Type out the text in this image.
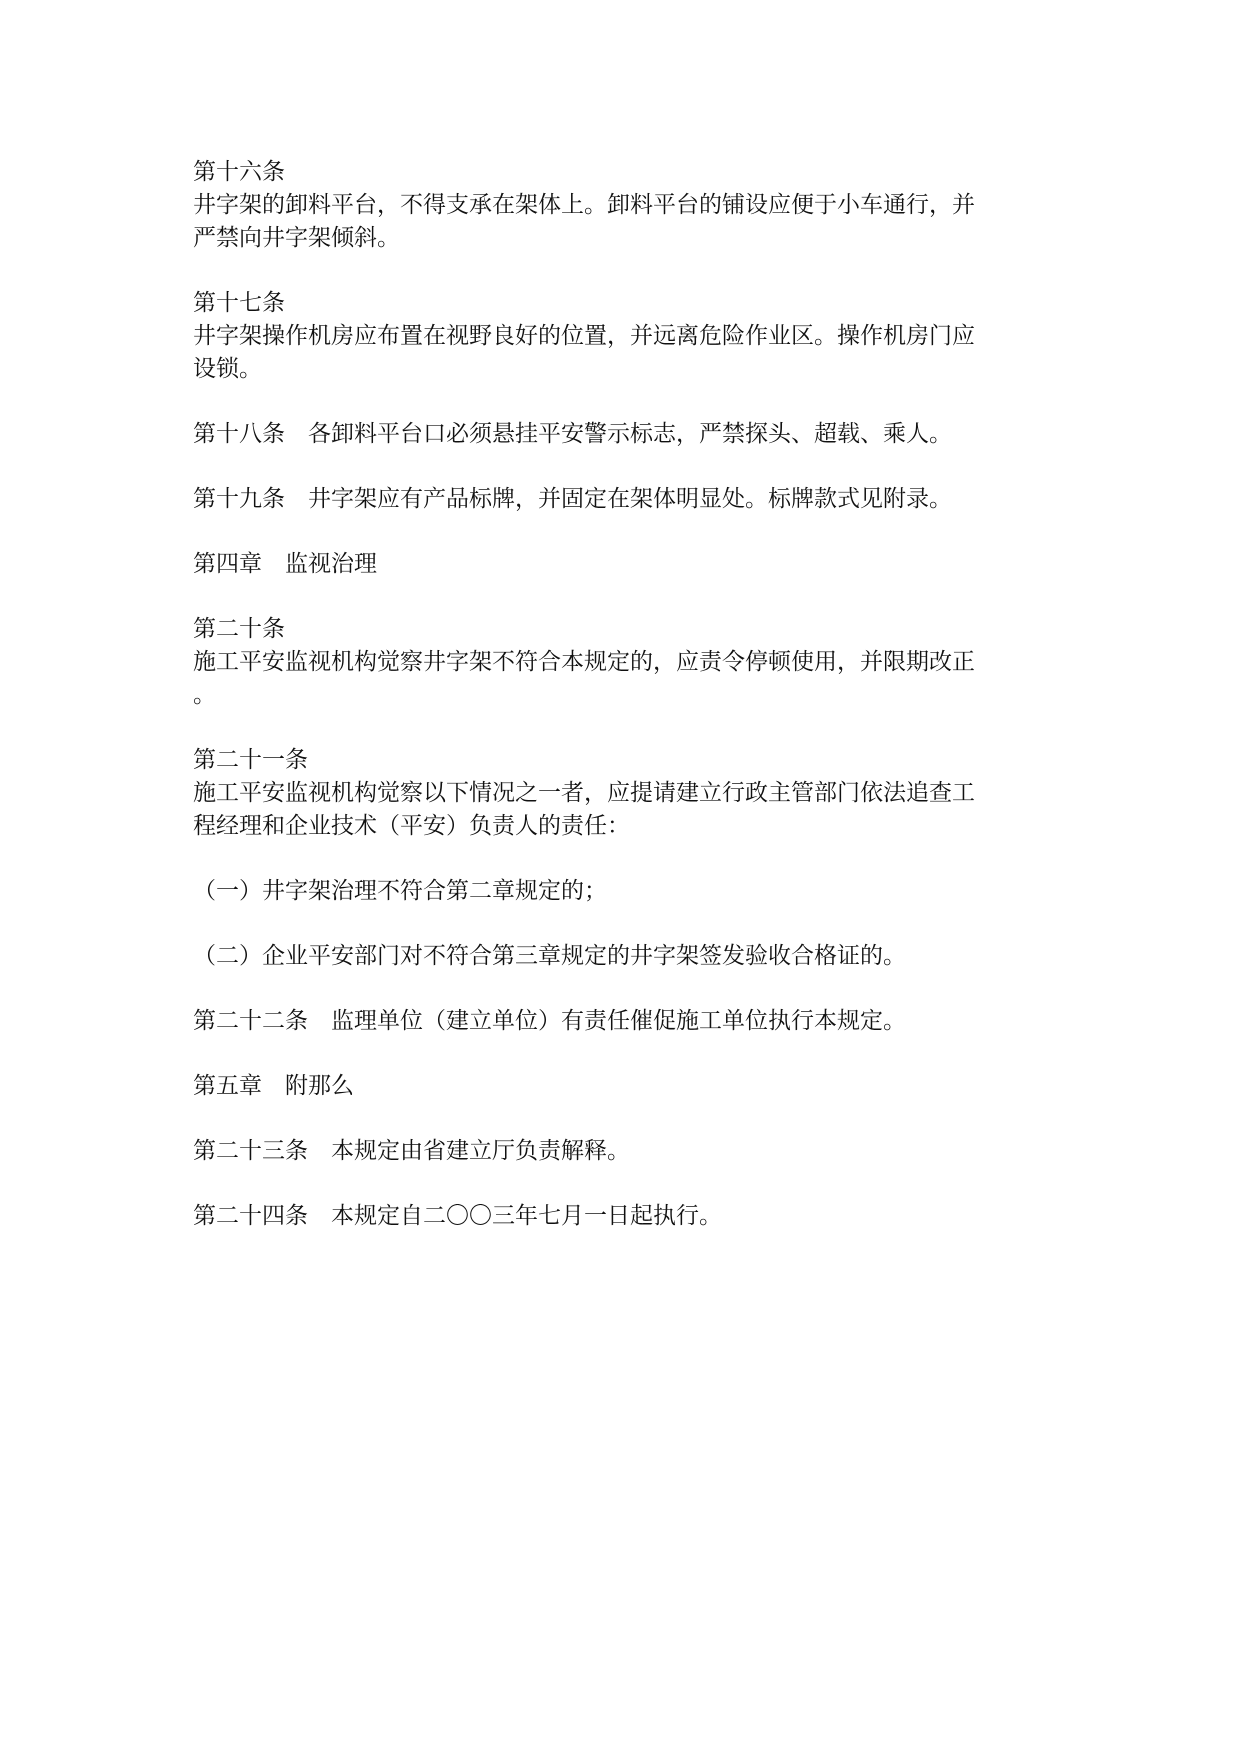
第十六条
井字架的卸料平台，不得支承在架体上。卸料平台的铺设应便于小车通行，并
严禁向井字架倾斜。
第十七条
井字架操作机房应布置在视野良好的位置，并远离危险作业区。操作机房门应
设锁。
第十八条　各卸料平台口必须悬挂平安警示标志，严禁探头、超载、乘人。
第十九条　井字架应有产品标牌，并固定在架体明显处。标牌款式见附录。
第四章　监视治理
第二十条
施工平安监视机构觉察井字架不符合本规定的，应责令停顿使用，并限期改正
。
第二十一条
施工平安监视机构觉察以下情况之一者，应提请建立行政主管部门依法追查工
程经理和企业技术（平安）负责人的责任：
（一）井字架治理不符合第二章规定的；
（二）企业平安部门对不符合第三章规定的井字架签发验收合格证的。
第二十二条　监理单位（建立单位）有责任催促施工单位执行本规定。
第五章　附那么
第二十三条　本规定由省建立厅负责解释。
第二十四条　本规定自二〇〇三年七月一日起执行。
